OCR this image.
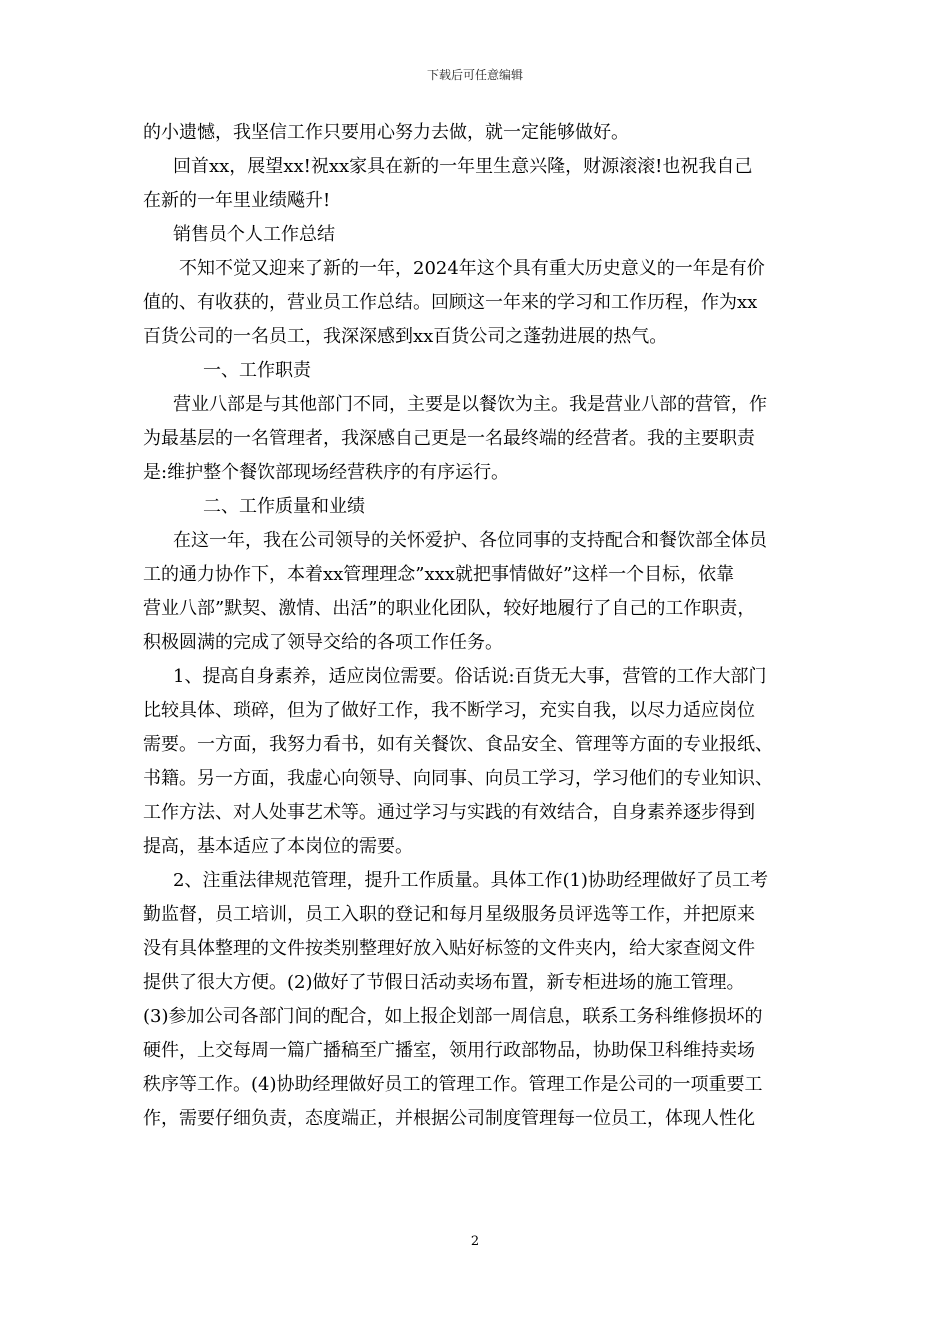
下载后可任意编辑
的小遗憾，我坚信工作只要用心努力去做，就一定能够做好。
回首xx，展望xx!祝xx家具在新的一年里生意兴隆，财源滚滚!也祝我自己
在新的一年里业绩飚升!
销售员个人工作总结
不知不觉又迎来了新的一年，2024年这个具有重大历史意义的一年是有价
值的、有收获的，营业员工作总结。回顾这一年来的学习和工作历程，作为xx
百货公司的一名员工，我深深感到xx百货公司之蓬勃进展的热气。
一、工作职责
营业八部是与其他部门不同，主要是以餐饮为主。我是营业八部的营管，作
为最基层的一名管理者，我深感自己更是一名最终端的经营者。我的主要职责
是:维护整个餐饮部现场经营秩序的有序运行。
二、工作质量和业绩
在这一年，我在公司领导的关怀爱护、各位同事的支持配合和餐饮部全体员
工的通力协作下，本着xx管理理念”xxx就把事情做好”这样一个目标，依靠
营业八部”默契、激情、出活”的职业化团队，较好地履行了自己的工作职责，
积极圆满的完成了领导交给的各项工作任务。
1、提高自身素养，适应岗位需要。俗话说:百货无大事，营管的工作大部门
比较具体、琐碎，但为了做好工作，我不断学习，充实自我，以尽力适应岗位
需要。一方面，我努力看书，如有关餐饮、食品安全、管理等方面的专业报纸、
书籍。另一方面，我虚心向领导、向同事、向员工学习，学习他们的专业知识、
工作方法、对人处事艺术等。通过学习与实践的有效结合，自身素养逐步得到
提高，基本适应了本岗位的需要。
2、注重法律规范管理，提升工作质量。具体工作(1)协助经理做好了员工考
勤监督，员工培训，员工入职的登记和每月星级服务员评选等工作，并把原来
没有具体整理的文件按类别整理好放入贴好标签的文件夹内，给大家查阅文件
提供了很大方便。(2)做好了节假日活动卖场布置，新专柜进场的施工管理。
(3)参加公司各部门间的配合，如上报企划部一周信息，联系工务科维修损坏的
硬件，上交每周一篇广播稿至广播室，领用行政部物品，协助保卫科维持卖场
秩序等工作。(4)协助经理做好员工的管理工作。管理工作是公司的一项重要工
作，需要仔细负责，态度端正，并根据公司制度管理每一位员工，体现人性化
2
